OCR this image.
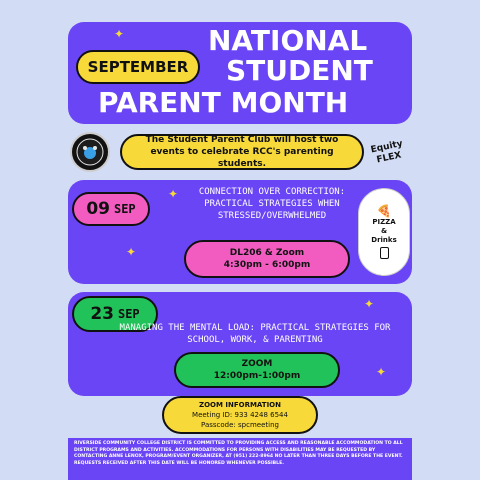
✦
SEPTEMBER
NATIONAL
STUDENT
PARENT MONTH
The Student Parent Club will host two events to celebrate RCC's parenting students.
Equity FLEX
✦
✦
09 SEP
CONNECTION OVER CORRECTION: PRACTICAL STRATEGIES WHEN STRESSED/OVERWHELMED
DL206 & Zoom
4:30pm - 6:00pm
🍕
PIZZA
&
Drinks
✦
✦
23 SEP
MANAGING THE MENTAL LOAD: PRACTICAL STRATEGIES FOR SCHOOL, WORK, & PARENTING
ZOOM
12:00pm-1:00pm
ZOOM INFORMATION
Meeting ID: 933 4248 6544
Passcode: spcmeeting
RIVERSIDE COMMUNITY COLLEGE DISTRICT IS COMMITTED TO PROVIDING ACCESS AND REASONABLE ACCOMMODATION TO ALL DISTRICT PROGRAMS AND ACTIVITIES. ACCOMMODATIONS FOR PERSONS WITH DISABILITIES MAY BE REQUESTED BY CONTACTING ANNE LENOX, PROGRAM/EVENT ORGANIZER, AT (951) 222-8964 NO LATER THAN THREE DAYS BEFORE THE EVENT. REQUESTS RECEIVED AFTER THIS DATE WILL BE HONORED WHENEVER POSSIBLE.
